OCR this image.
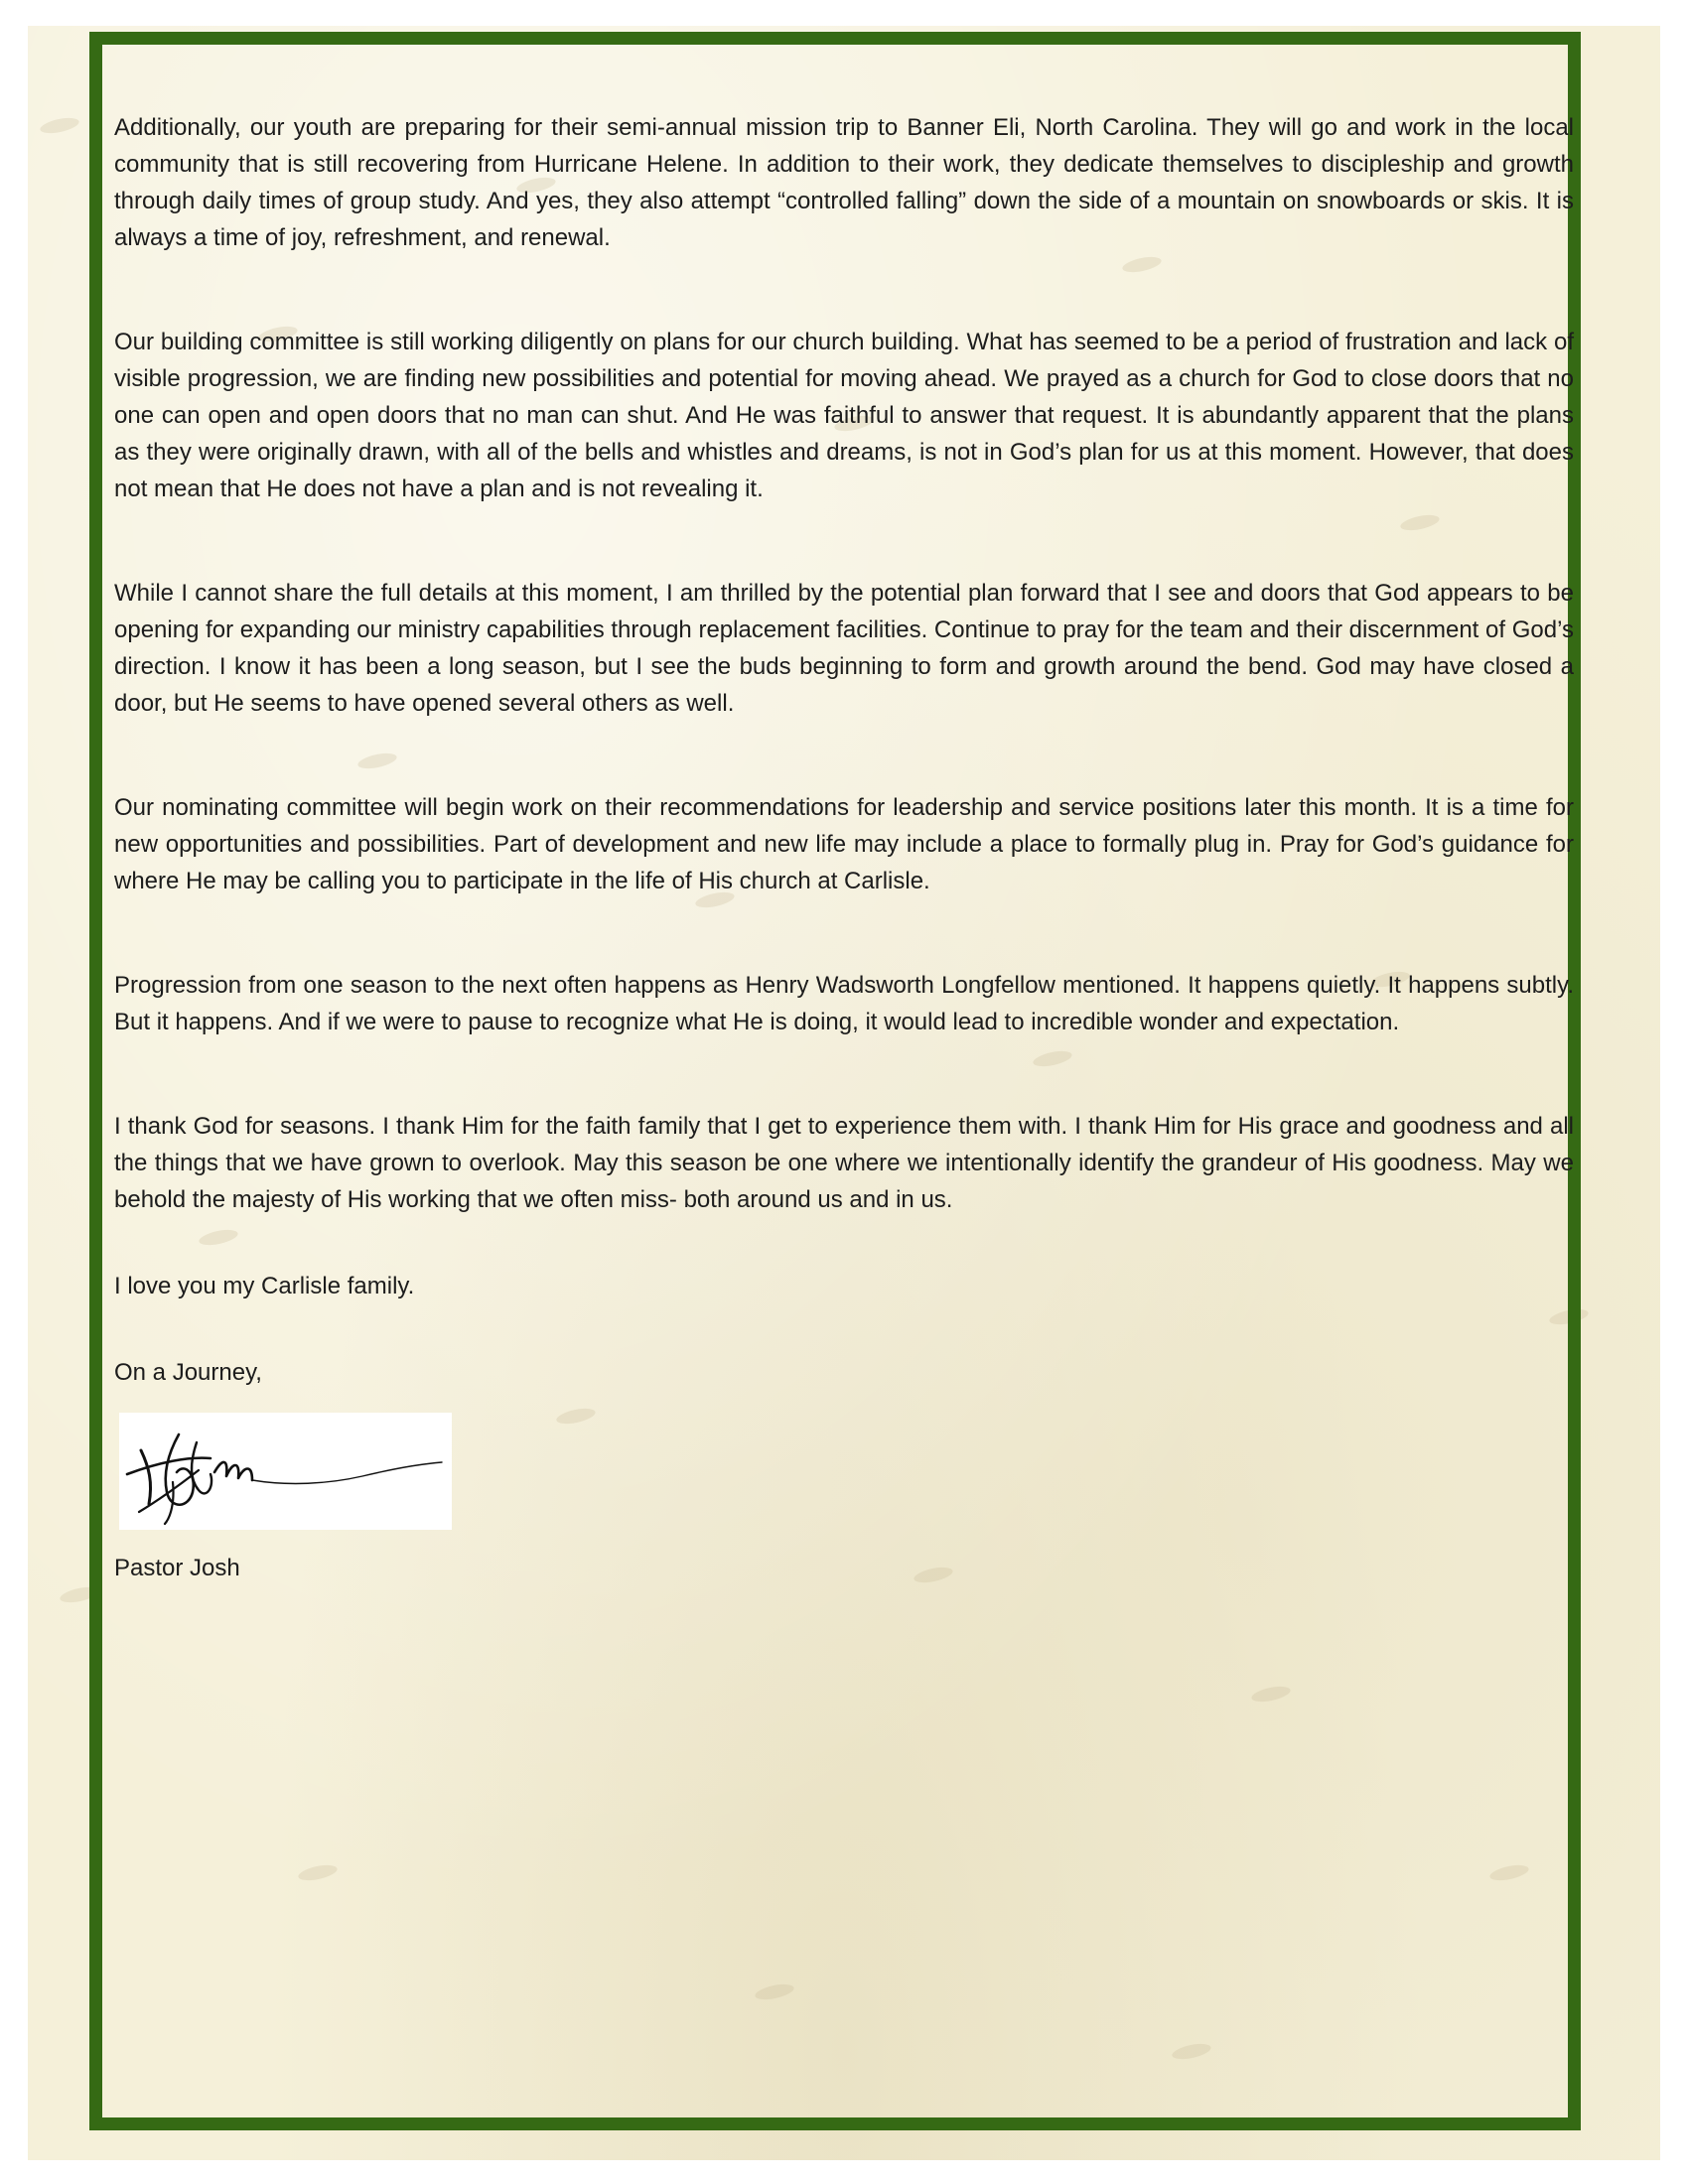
Additionally, our youth are preparing for their semi-annual mission trip to Banner Eli, North Carolina. They will go and work in the local community that is still recovering from Hurricane Helene. In addition to their work, they dedicate themselves to discipleship and growth through daily times of group study. And yes, they also attempt “controlled falling” down the side of a mountain on snowboards or skis. It is always a time of joy, refreshment, and renewal.

Our building committee is still working diligently on plans for our church building. What has seemed to be a period of frustration and lack of visible progression, we are finding new possibilities and potential for moving ahead. We prayed as a church for God to close doors that no one can open and open doors that no man can shut. And He was faithful to answer that request. It is abundantly apparent that the plans as they were originally drawn, with all of the bells and whistles and dreams, is not in God’s plan for us at this moment. However, that does not mean that He does not have a plan and is not revealing it.

While I cannot share the full details at this moment, I am thrilled by the potential plan forward that I see and doors that God appears to be opening for expanding our ministry capabilities through replacement facilities. Continue to pray for the team and their discernment of God’s direction. I know it has been a long season, but I see the buds beginning to form and growth around the bend. God may have closed a door, but He seems to have opened several others as well.

Our nominating committee will begin work on their recommendations for leadership and service positions later this month. It is a time for new opportunities and possibilities. Part of development and new life may include a place to formally plug in. Pray for God’s guidance for where He may be calling you to participate in the life of His church at Carlisle.

Progression from one season to the next often happens as Henry Wadsworth Longfellow mentioned. It happens quietly. It happens subtly. But it happens. And if we were to pause to recognize what He is doing, it would lead to incredible wonder and expectation.

I thank God for seasons. I thank Him for the faith family that I get to experience them with. I thank Him for His grace and goodness and all the things that we have grown to overlook. May this season be one where we intentionally identify the grandeur of His goodness. May we behold the majesty of His working that we often miss- both around us and in us.

I love you my Carlisle family.

On a Journey,

Pastor Josh
